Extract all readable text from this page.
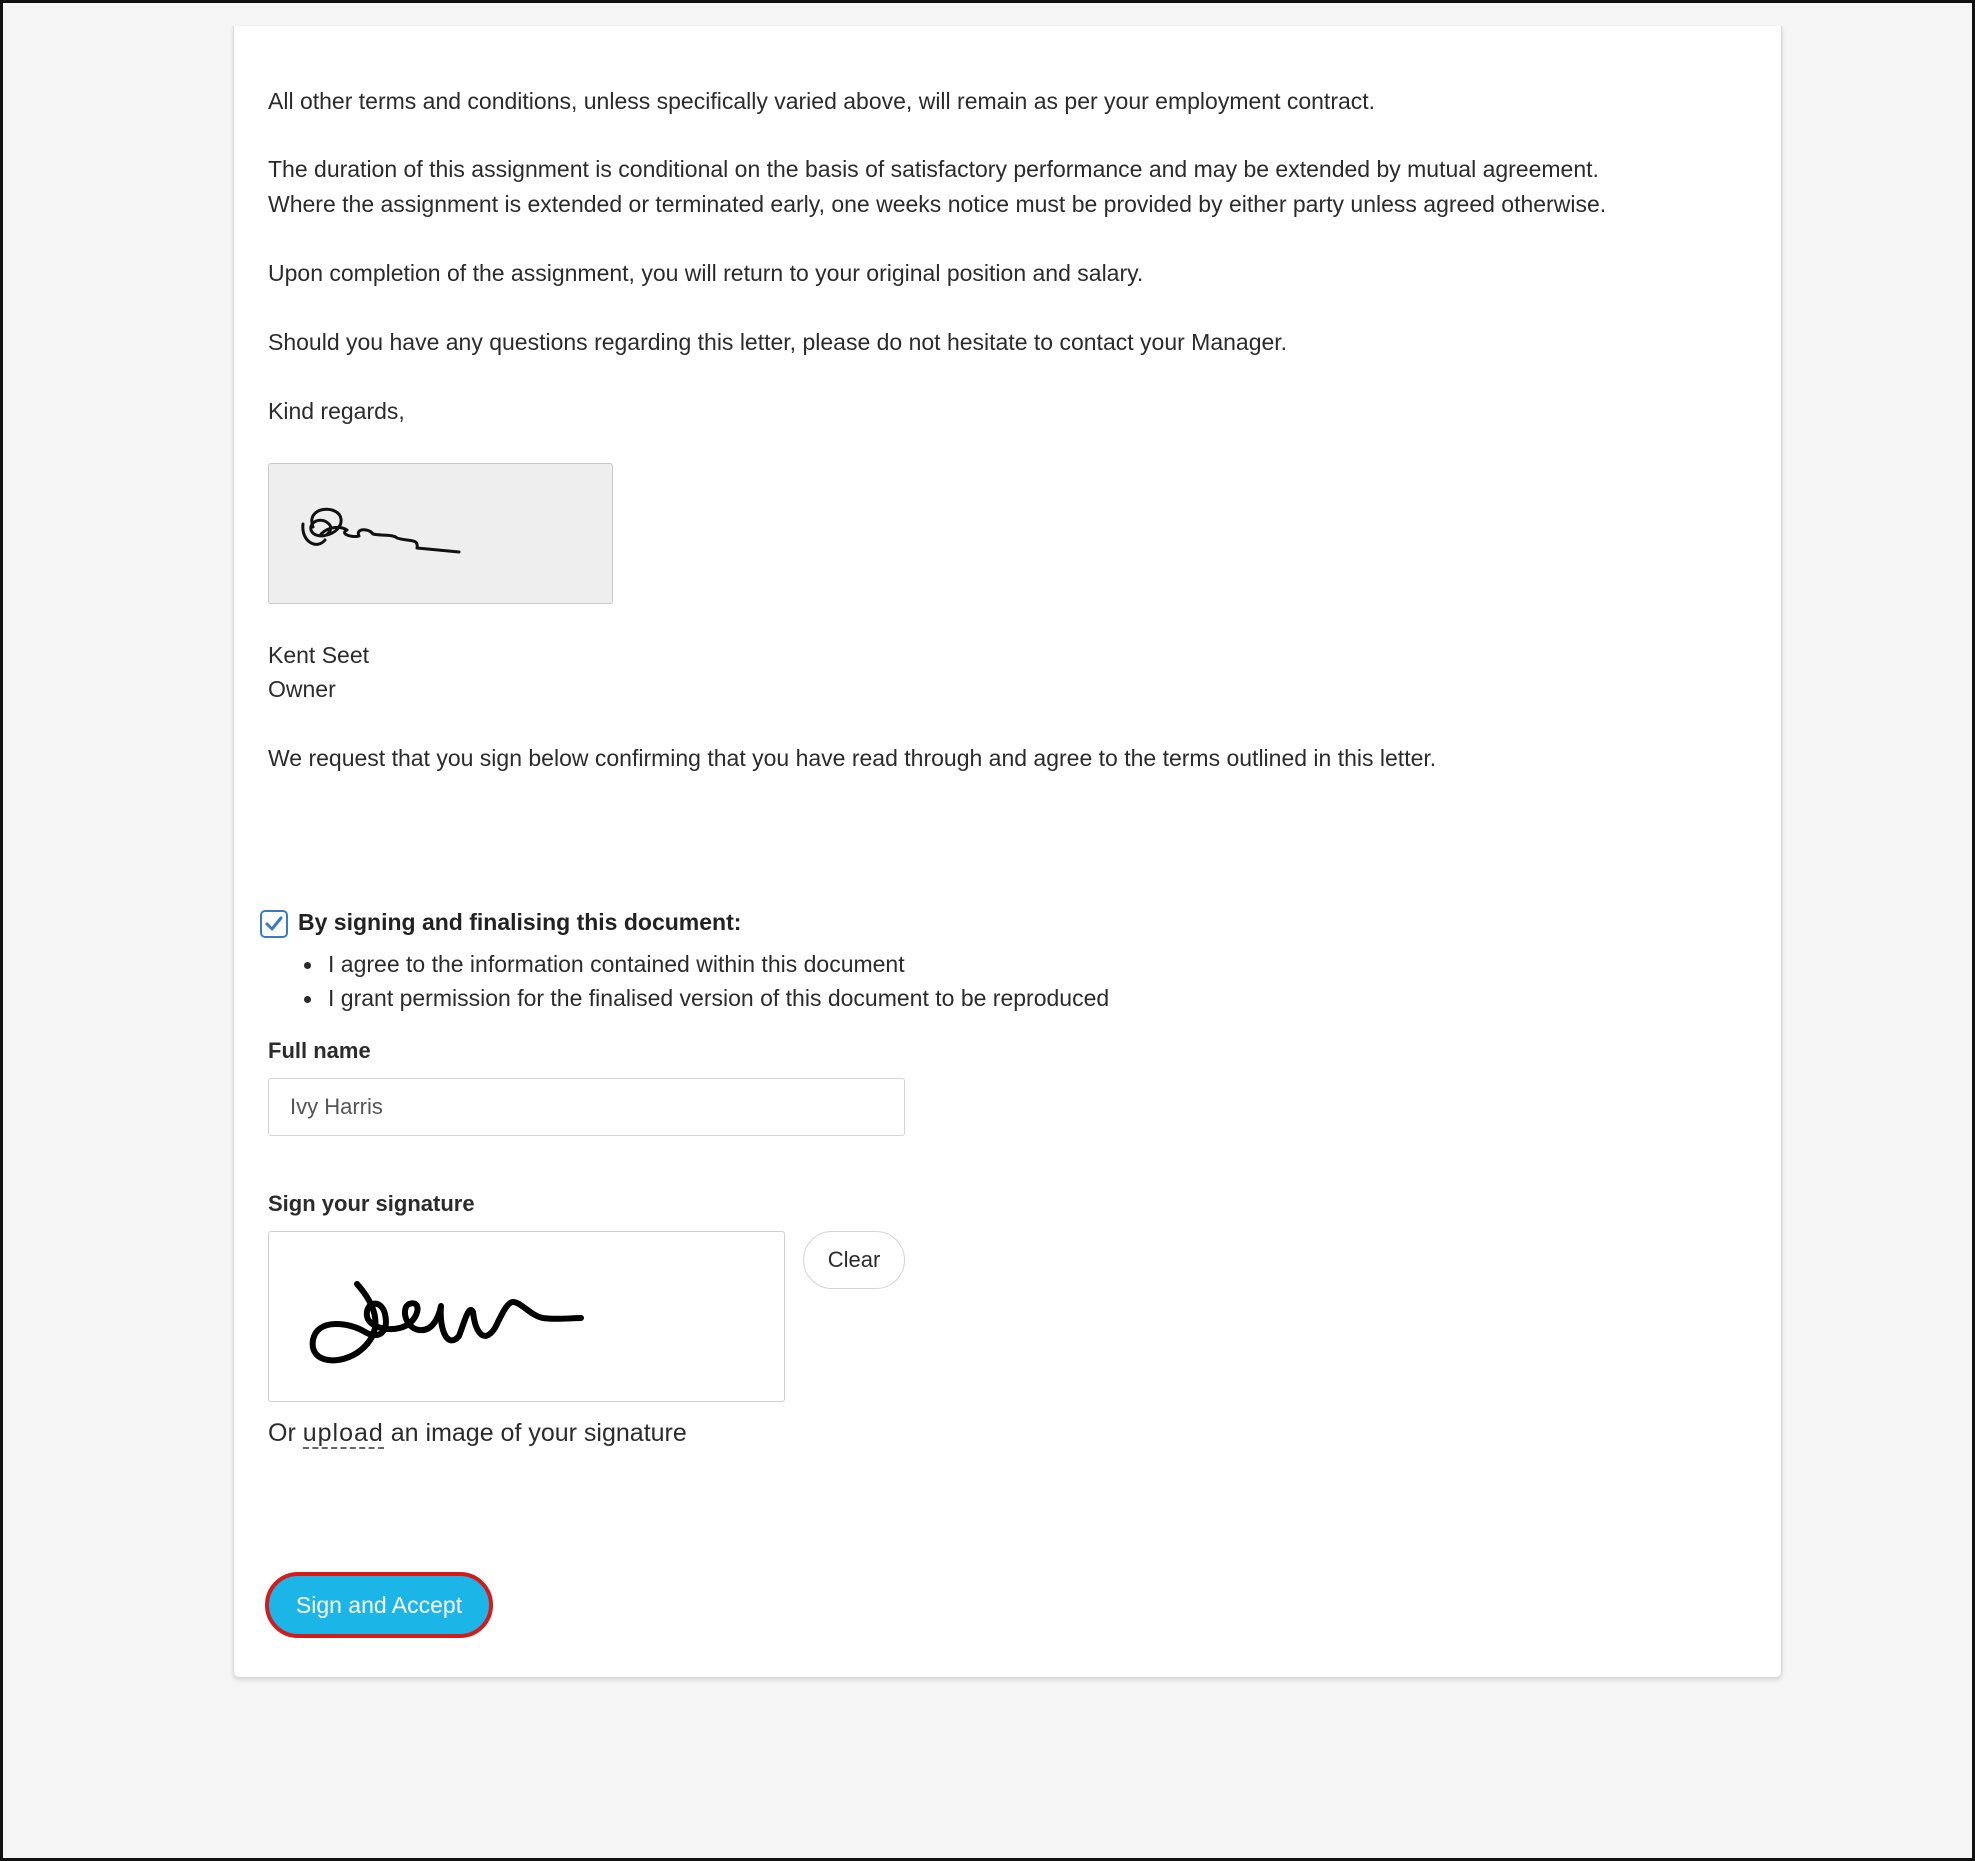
All other terms and conditions, unless specifically varied above, will remain as per your employment contract.
The duration of this assignment is conditional on the basis of satisfactory performance and may be extended by mutual agreement.
Where the assignment is extended or terminated early, one weeks notice must be provided by either party unless agreed otherwise.
Upon completion of the assignment, you will return to your original position and salary.
Should you have any questions regarding this letter, please do not hesitate to contact your Manager.
Kind regards,
Kent Seet
Owner
We request that you sign below confirming that you have read through and agree to the terms outlined in this letter.
By signing and finalising this document:
I agree to the information contained within this document
I grant permission for the finalised version of this document to be reproduced
Full name
Ivy Harris
Sign your signature
Clear
Or upload an image of your signature
Sign and Accept
